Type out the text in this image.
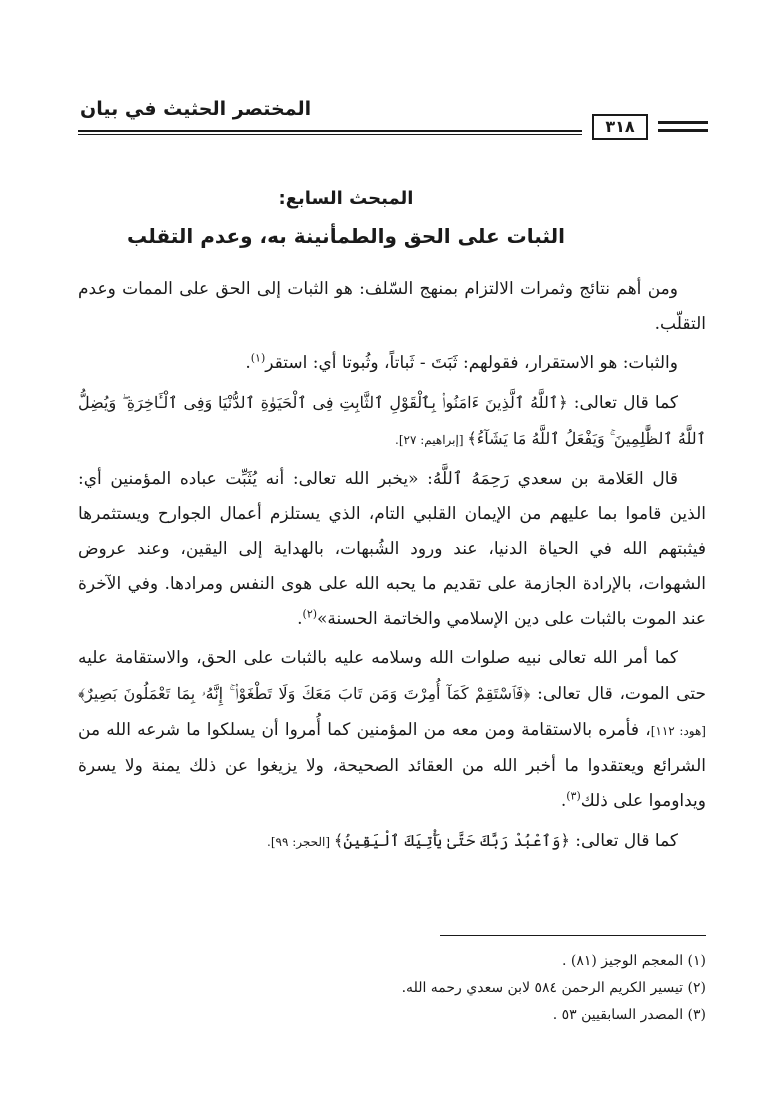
المختصر الحثيث في بيان
٣١٨
المبحث السابع:
الثبات على الحق والطمأنينة به، وعدم التقلب

ومن أهم نتائج وثمرات الالتزام بمنهج السّلف: هو الثبات إلى الحق على الممات وعدم التقلّب.

والثبات: هو الاستقرار، فقولهم: ثَبَتَ - ثَباتاً، وثُبوتا أي: استقر$^{(١)}$.

كما قال تعالى: ﴿ٱللَّهُ ٱلَّذِينَ ءَامَنُوا۟ بِٱلْقَوْلِ ٱلثَّابِتِ فِى ٱلْحَيَوٰةِ ٱلدُّنْيَا وَفِى ٱلْـَٔاخِرَةِ ۖ وَيُضِلُّ ٱللَّهُ ٱلظَّٰلِمِينَ ۚ وَيَفْعَلُ ٱللَّهُ مَا يَشَآءُ﴾ [إبراهيم: ٢٧].

قال العَلامة بن سعدي رَحِمَهُ ٱللَّهُ: «يخبر الله تعالى: أنه يُثَبِّت عباده المؤمنين أي: الذين قاموا بما عليهم من الإيمان القلبي التام، الذي يستلزم أعمال الجوارح ويستثمرها فيثبتهم الله في الحياة الدنيا، عند ورود الشُبهات، بالهداية إلى اليقين، وعند عروض الشهوات، بالإرادة الجازمة على تقديم ما يحبه الله على هوى النفس ومرادها. وفي الآخرة عند الموت بالثبات على دين الإسلامي والخاتمة الحسنة»$^{(٢)}$.

كما أمر الله تعالى نبيه صلوات الله وسلامه عليه بالثبات على الحق، والاستقامة عليه حتى الموت، قال تعالى: ﴿فَٱسْتَقِمْ كَمَآ أُمِرْتَ وَمَن تَابَ مَعَكَ وَلَا تَطْغَوْا۟ ۚ إِنَّهُۥ بِمَا تَعْمَلُونَ بَصِيرٌ﴾ [هود: ١١٢]، فأمره بالاستقامة ومن معه من المؤمنين كما أُمروا أن يسلكوا ما شرعه الله من الشرائع ويعتقدوا ما أخبر الله من العقائد الصحيحة، ولا يزيغوا عن ذلك يمنة ولا يسرة ويداوموا على ذلك$^{(٣)}$.

كما قال تعالى: ﴿وَٱعْبُدْ رَبَّكَ حَتَّىٰ يَأْتِيَكَ ٱلْيَقِينُ﴾ [الحجر: ٩٩].

(١) المعجم الوجيز (٨١) .
(٢) تيسير الكريم الرحمن ٥٨٤ لابن سعدي رحمه الله.
(٣) المصدر السابقيين ٥٣ .
